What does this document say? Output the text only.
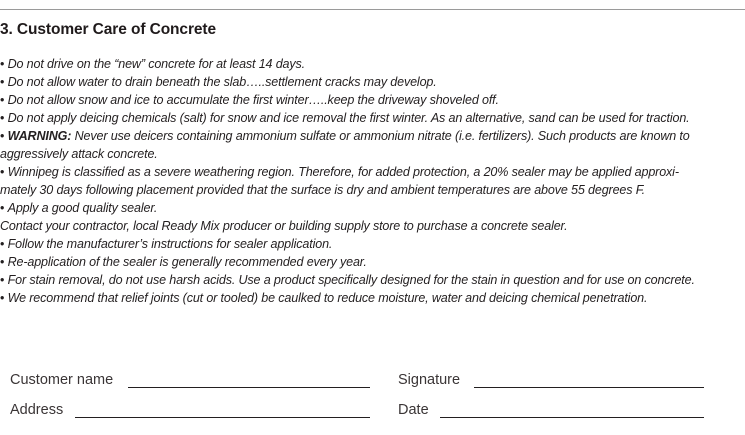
3. Customer Care of Concrete
• Do not drive on the “new” concrete for at least 14 days.
• Do not allow water to drain beneath the slab…..settlement cracks may develop.
• Do not allow snow and ice to accumulate the first winter…..keep the driveway shoveled off.
• Do not apply deicing chemicals (salt) for snow and ice removal the first winter. As an alternative, sand can be used for traction.
• WARNING: Never use deicers containing ammonium sulfate or ammonium nitrate (i.e. fertilizers). Such products are known to
aggressively attack concrete.
• Winnipeg is classified as a severe weathering region. Therefore, for added protection, a 20% sealer may be applied approxi-
mately 30 days following placement provided that the surface is dry and ambient temperatures are above 55 degrees F.
• Apply a good quality sealer.
Contact your contractor, local Ready Mix producer or building supply store to purchase a concrete sealer.
• Follow the manufacturer’s instructions for sealer application.
• Re-application of the sealer is generally recommended every year.
• For stain removal, do not use harsh acids. Use a product specifically designed for the stain in question and for use on concrete.
• We recommend that relief joints (cut or tooled) be caulked to reduce moisture, water and deicing chemical penetration.
Customer name	Signature
Address	Date
